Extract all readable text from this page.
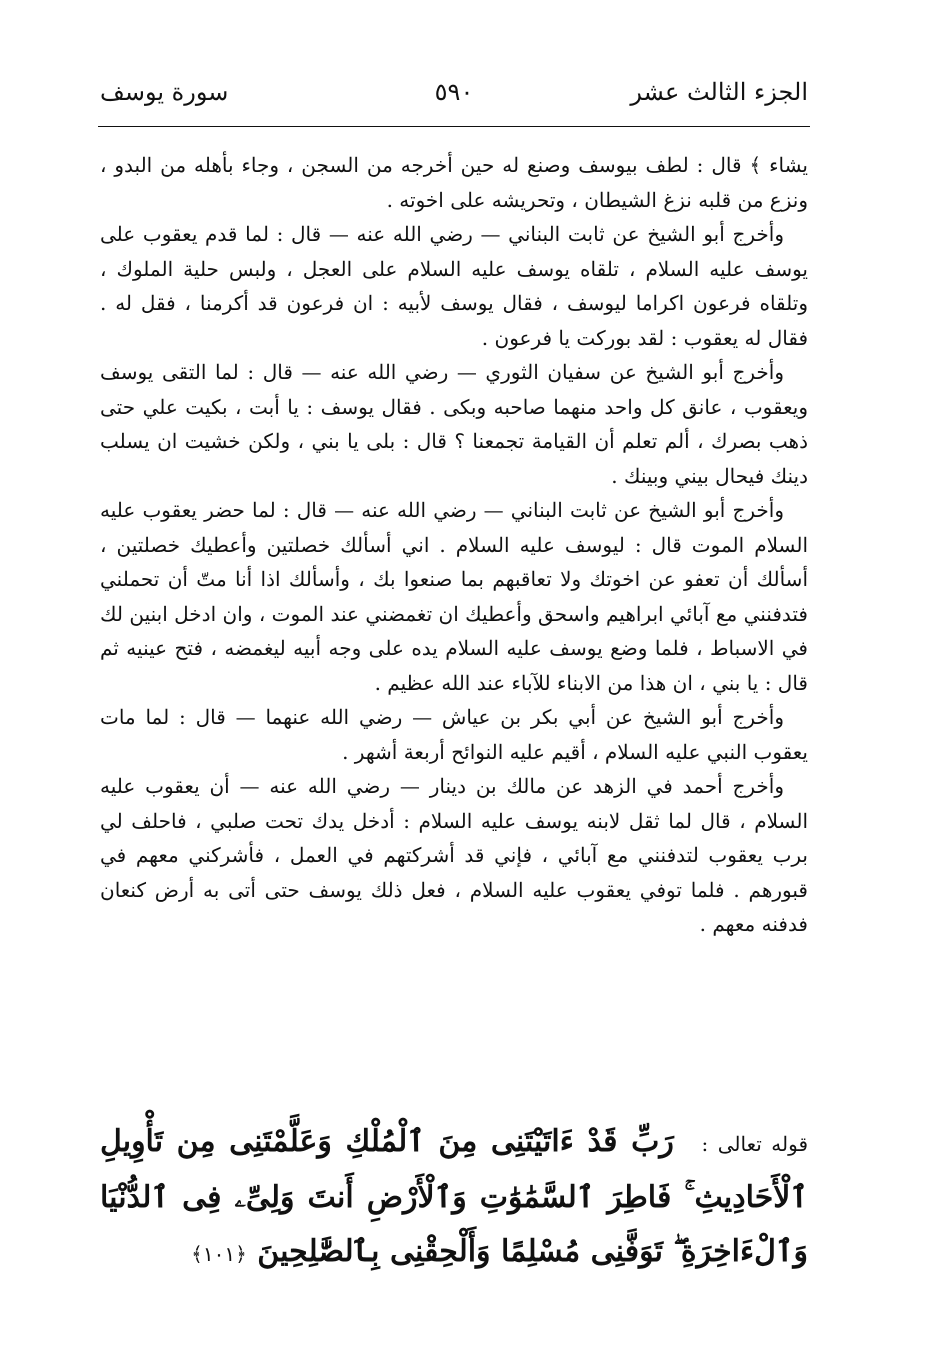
الجزء الثالث عشر
٥٩٠
سورة يوسف

يشاء ﴾ قال : لطف بيوسف وصنع له حين أخرجه من السجن ، وجاء بأهله من البدو ، ونزع من قلبه نزغ الشيطان ، وتحريشه على اخوته .

وأخرج أبو الشيخ عن ثابت البناني — رضي الله عنه — قال : لما قدم يعقوب على يوسف عليه السلام ، تلقاه يوسف عليه السلام على العجل ، ولبس حلية الملوك ، وتلقاه فرعون اكراما ليوسف ، فقال يوسف لأبيه : ان فرعون قد أكرمنا ، فقل له . فقال له يعقوب : لقد بوركت يا فرعون .

وأخرج أبو الشيخ عن سفيان الثوري — رضي الله عنه — قال : لما التقى يوسف ويعقوب ، عانق كل واحد منهما صاحبه وبكى . فقال يوسف : يا أبت ، بكيت علي حتى ذهب بصرك ، ألم تعلم أن القيامة تجمعنا ؟ قال : بلى يا بني ، ولكن خشيت ان يسلب دينك فيحال بيني وبينك .

وأخرج أبو الشيخ عن ثابت البناني — رضي الله عنه — قال : لما حضر يعقوب عليه السلام الموت قال : ليوسف عليه السلام . اني أسألك خصلتين وأعطيك خصلتين ، أسألك أن تعفو عن اخوتك ولا تعاقبهم بما صنعوا بك ، وأسألك اذا أنا متّ أن تحملني فتدفنني مع آبائي ابراهيم واسحق وأعطيك ان تغمضني عند الموت ، وان ادخل ابنين لك في الاسباط ، فلما وضع يوسف عليه السلام يده على وجه أبيه ليغمضه ، فتح عينيه ثم قال : يا بني ، ان هذا من الابناء للآباء عند الله عظيم .

وأخرج أبو الشيخ عن أبي بكر بن عياش — رضي الله عنهما — قال : لما مات يعقوب النبي عليه السلام ، أقيم عليه النوائح أربعة أشهر .

وأخرج أحمد في الزهد عن مالك بن دينار — رضي الله عنه — أن يعقوب عليه السلام ، قال لما ثقل لابنه يوسف عليه السلام : أدخل يدك تحت صلبي ، فاحلف لي برب يعقوب لتدفنني مع آبائي ، فإني قد أشركتهم في العمل ، فأشركني معهم في قبورهم . فلما توفي يعقوب عليه السلام ، فعل ذلك يوسف حتى أتى به أرض كنعان فدفنه معهم .

قوله تعالى : رَبِّ قَدْ ءَاتَيْتَنِى مِنَ ٱلْمُلْكِ وَعَلَّمْتَنِى مِن تَأْوِيلِ ٱلْأَحَادِيثِ ۚ فَاطِرَ ٱلسَّمَٰوَٰتِ وَٱلْأَرْضِ أَنتَ وَلِىِّۦ فِى ٱلدُّنْيَا وَٱلْءَاخِرَةِ ۖ تَوَفَّنِى مُسْلِمًا وَأَلْحِقْنِى بِٱلصَّٰلِحِينَ ﴿١٠١﴾
